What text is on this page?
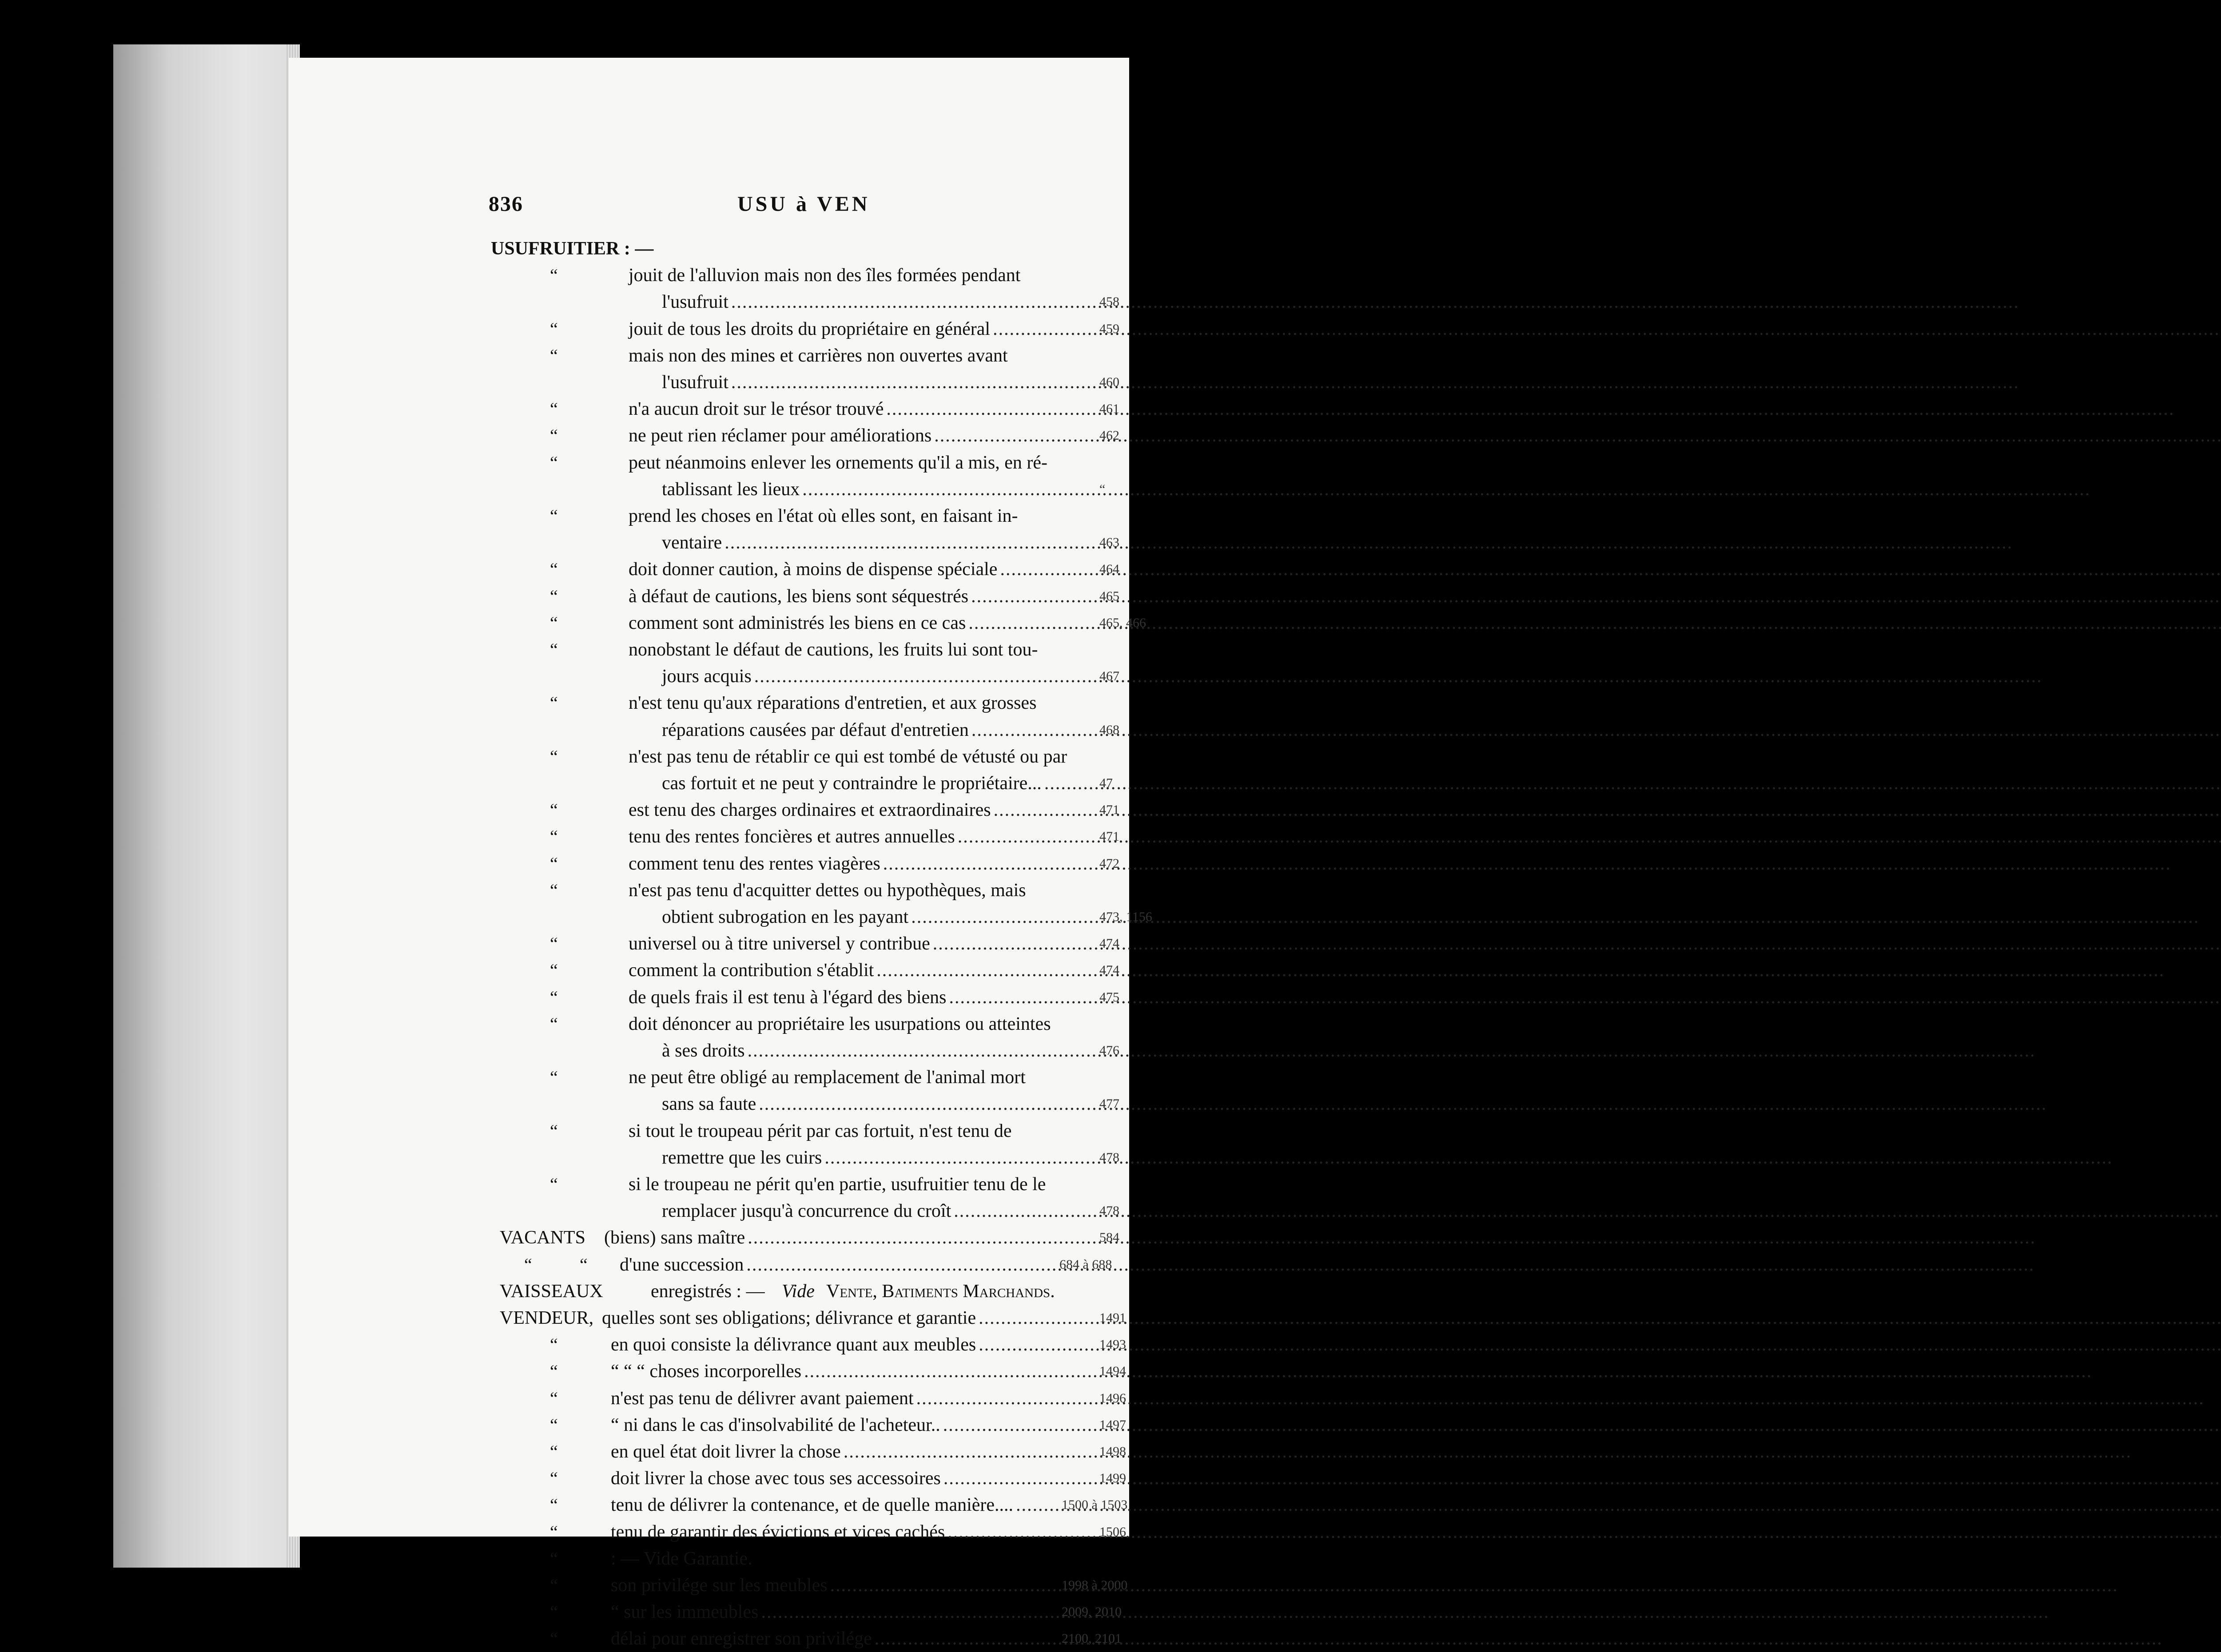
836	USU à VEN
USUFRUITIER : —
“	jouit de l'alluvion mais non des îles formées pendant
l'usufruit .....	458
“	jouit de tous les droits du propriétaire en général .....	459
“	mais non des mines et carrières non ouvertes avant
l'usufruit .....	460
“	n'a aucun droit sur le trésor trouvé .....	461
“	ne peut rien réclamer pour améliorations .....	462
“	peut néanmoins enlever les ornements qu'il a mis, en ré-
tablissant les lieux .....	“
“	prend les choses en l'état où elles sont, en faisant in-
ventaire .....	463
“	doit donner caution, à moins de dispense spéciale .....	464
“	à défaut de cautions, les biens sont séquestrés .....	465
“	comment sont administrés les biens en ce cas .....	465, 466
“	nonobstant le défaut de cautions, les fruits lui sont tou-
jours acquis .....	467
“	n'est tenu qu'aux réparations d'entretien, et aux grosses
réparations causées par défaut d'entretien .....	468
“	n'est pas tenu de rétablir ce qui est tombé de vétusté ou par
cas fortuit et ne peut y contraindre le propriétaire... .....	47
“	est tenu des charges ordinaires et extraordinaires .....	471
“	tenu des rentes foncières et autres annuelles .....	471
“	comment tenu des rentes viagères .....	472
“	n'est pas tenu d'acquitter dettes ou hypothèques, mais
obtient subrogation en les payant .....	473, 1156
“	universel ou à titre universel y contribue .....	474
“	comment la contribution s'établit .....	474
“	de quels frais il est tenu à l'égard des biens .....	475
“	doit dénoncer au propriétaire les usurpations ou atteintes
à ses droits .....	476
“	ne peut être obligé au remplacement de l'animal mort
sans sa faute .....	477
“	si tout le troupeau périt par cas fortuit, n'est tenu de
remettre que les cuirs .....	478
“	si le troupeau ne périt qu'en partie, usufruitier tenu de le
remplacer jusqu'à concurrence du croît .....	478
VACANTS (biens) sans maître .....	584
“	“ d'une succession .....	684 à 688
VAISSEAUX	enregistrés : — Vide Vente, Batiments Marchands.
VENDEUR, quelles sont ses obligations; délivrance et garantie .....	1491
“	en quoi consiste la délivrance quant aux meubles .....	1493
“	“ “ “ choses incorporelles .....	1494
“	n'est pas tenu de délivrer avant paiement .....	1496
“	“ ni dans le cas d'insolvabilité de l'acheteur.. .....	1497
“	en quel état doit livrer la chose .....	1498
“	doit livrer la chose avec tous ses accessoires .....	1499
“	tenu de délivrer la contenance, et de quelle manière.... .....	1500 à 1503
“	tenu de garantir des évictions et vices cachés .....	1506
“	: — Vide Garantie.
“	son privilége sur les meubles .....	1998 à 2000
“	“ sur les immeubles .....	2009, 2010
“	délai pour enregistrer son privilége .....	2100, 2101
